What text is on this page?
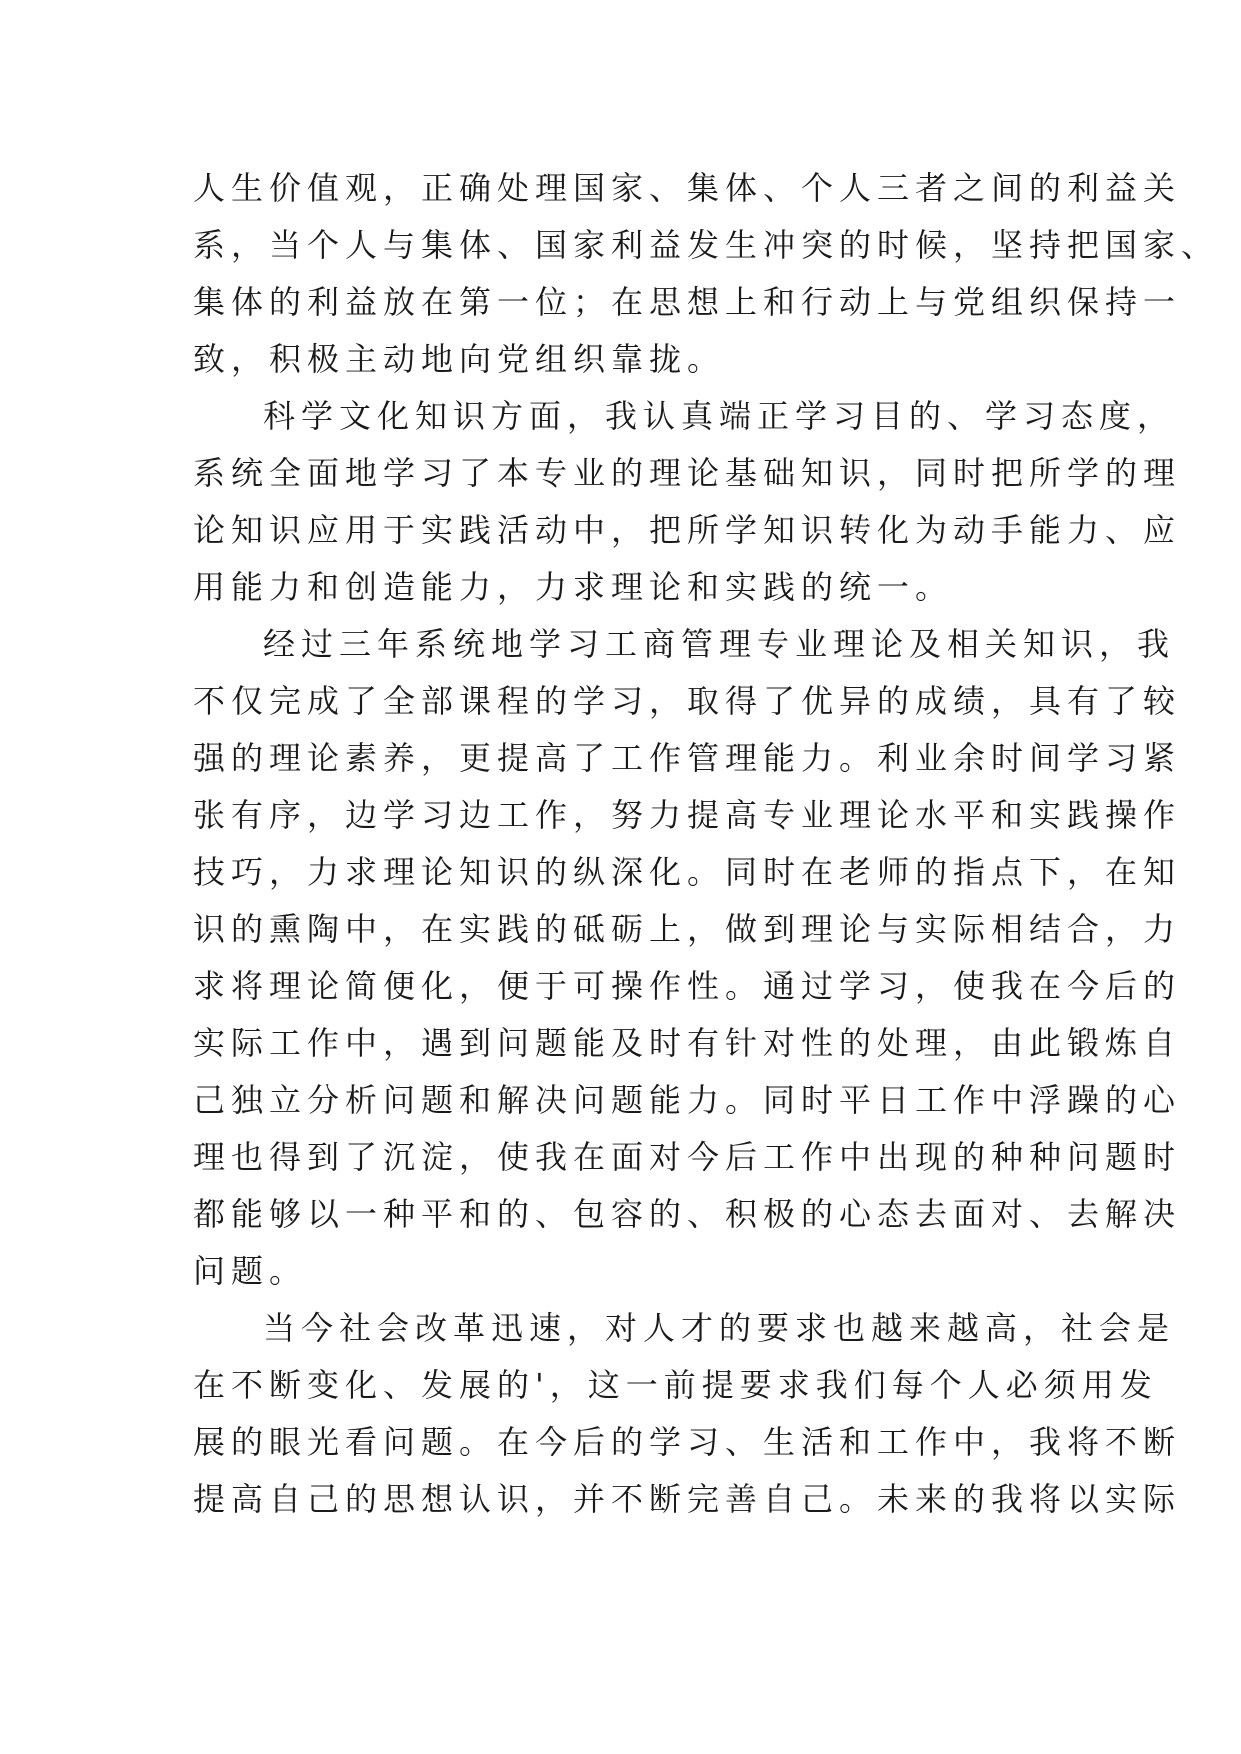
人生价值观，正确处理国家、集体、个人三者之间的利益关
系，当个人与集体、国家利益发生冲突的时候，坚持把国家、
集体的利益放在第一位；在思想上和行动上与党组织保持一
致，积极主动地向党组织靠拢。
科学文化知识方面，我认真端正学习目的、学习态度，
系统全面地学习了本专业的理论基础知识，同时把所学的理
论知识应用于实践活动中，把所学知识转化为动手能力、应
用能力和创造能力，力求理论和实践的统一。
经过三年系统地学习工商管理专业理论及相关知识，我
不仅完成了全部课程的学习，取得了优异的成绩，具有了较
强的理论素养，更提高了工作管理能力。利业余时间学习紧
张有序，边学习边工作，努力提高专业理论水平和实践操作
技巧，力求理论知识的纵深化。同时在老师的指点下，在知
识的熏陶中，在实践的砥砺上，做到理论与实际相结合，力
求将理论简便化，便于可操作性。通过学习，使我在今后的
实际工作中，遇到问题能及时有针对性的处理，由此锻炼自
己独立分析问题和解决问题能力。同时平日工作中浮躁的心
理也得到了沉淀，使我在面对今后工作中出现的种种问题时
都能够以一种平和的、包容的、积极的心态去面对、去解决
问题。
当今社会改革迅速，对人才的要求也越来越高，社会是
在不断变化、发展的'，这一前提要求我们每个人必须用发
展的眼光看问题。在今后的学习、生活和工作中，我将不断
提高自己的思想认识，并不断完善自己。未来的我将以实际
